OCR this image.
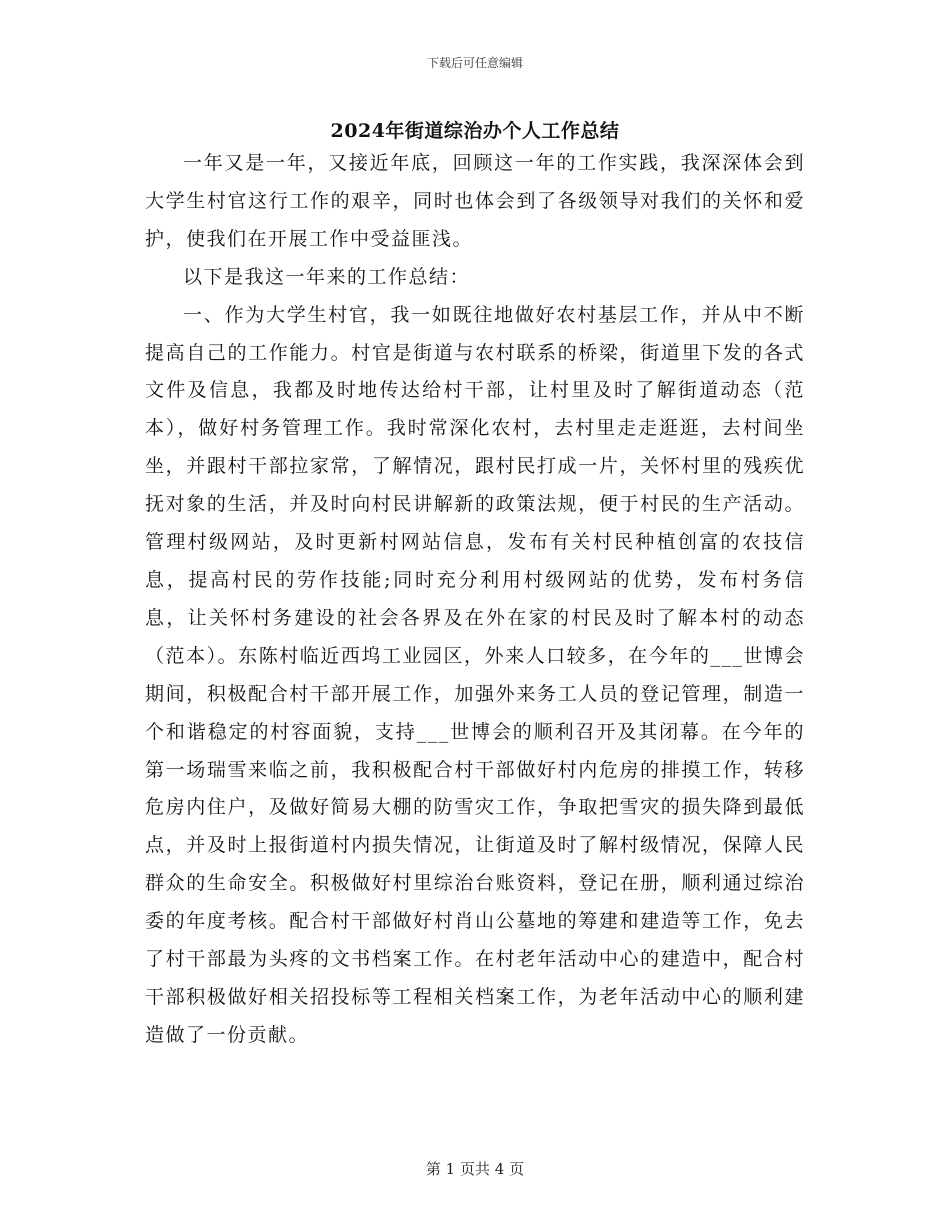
下载后可任意编辑
2024年街道综治办个人工作总结

一年又是一年，又接近年底，回顾这一年的工作实践，我深深体会到大学生村官这行工作的艰辛，同时也体会到了各级领导对我们的关怀和爱护，使我们在开展工作中受益匪浅。

以下是我这一年来的工作总结：

一、作为大学生村官，我一如既往地做好农村基层工作，并从中不断提高自己的工作能力。村官是街道与农村联系的桥梁，街道里下发的各式文件及信息，我都及时地传达给村干部，让村里及时了解街道动态（范本），做好村务管理工作。我时常深化农村，去村里走走逛逛，去村间坐坐，并跟村干部拉家常，了解情况，跟村民打成一片，关怀村里的残疾优抚对象的生活，并及时向村民讲解新的政策法规，便于村民的生产活动。管理村级网站，及时更新村网站信息，发布有关村民种植创富的农技信息，提高村民的劳作技能;同时充分利用村级网站的优势，发布村务信息，让关怀村务建设的社会各界及在外在家的村民及时了解本村的动态（范本）。东陈村临近西坞工业园区，外来人口较多，在今年的___世博会期间，积极配合村干部开展工作，加强外来务工人员的登记管理，制造一个和谐稳定的村容面貌，支持___世博会的顺利召开及其闭幕。在今年的第一场瑞雪来临之前，我积极配合村干部做好村内危房的排摸工作，转移危房内住户，及做好简易大棚的防雪灾工作，争取把雪灾的损失降到最低点，并及时上报街道村内损失情况，让街道及时了解村级情况，保障人民群众的生命安全。积极做好村里综治台账资料，登记在册，顺利通过综治委的年度考核。配合村干部做好村肖山公墓地的筹建和建造等工作，免去了村干部最为头疼的文书档案工作。在村老年活动中心的建造中，配合村干部积极做好相关招投标等工程相关档案工作，为老年活动中心的顺利建造做了一份贡献。

第 1 页共 4 页
